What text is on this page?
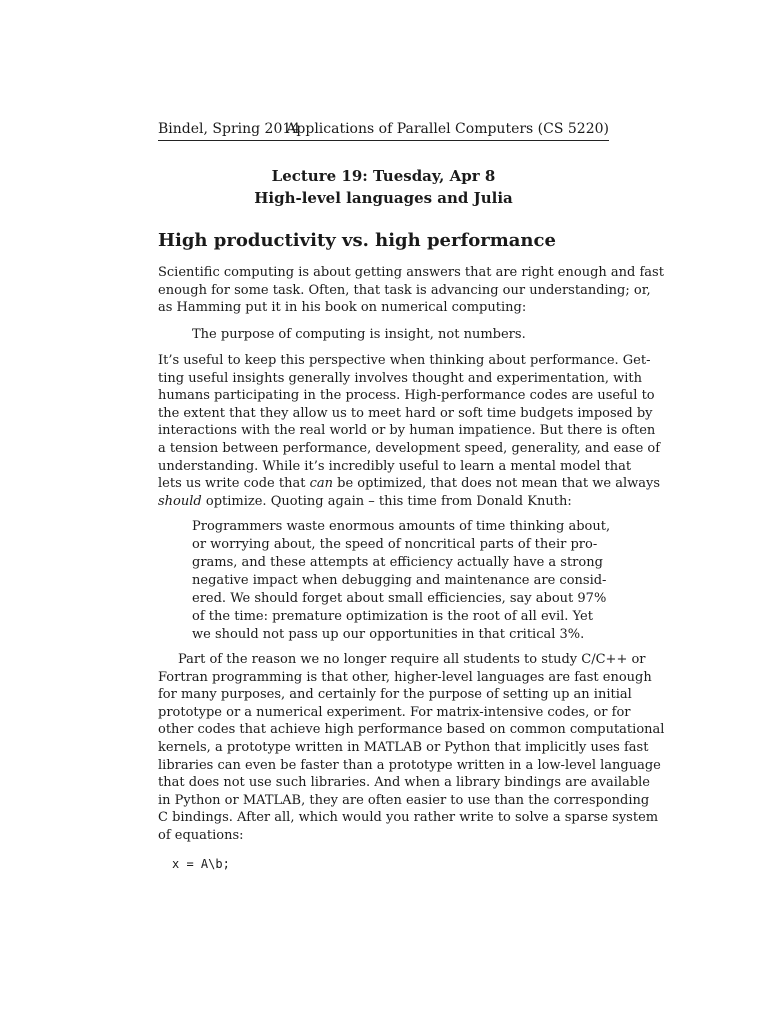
Bindel, Spring 2014
Applications of Parallel Computers (CS 5220)
Lecture 19: Tuesday, Apr 8
High-level languages and Julia
High productivity vs. high performance
Scientific computing is about getting answers that are right enough and fast
enough for some task. Often, that task is advancing our understanding; or,
as Hamming put it in his book on numerical computing:
The purpose of computing is insight, not numbers.
It’s useful to keep this perspective when thinking about performance. Get-
ting useful insights generally involves thought and experimentation, with
humans participating in the process. High-performance codes are useful to
the extent that they allow us to meet hard or soft time budgets imposed by
interactions with the real world or by human impatience. But there is often
a tension between performance, development speed, generality, and ease of
understanding. While it’s incredibly useful to learn a mental model that
lets us write code that can be optimized, that does not mean that we always
should optimize. Quoting again – this time from Donald Knuth:
Programmers waste enormous amounts of time thinking about,
or worrying about, the speed of noncritical parts of their pro-
grams, and these attempts at efficiency actually have a strong
negative impact when debugging and maintenance are consid-
ered. We should forget about small efficiencies, say about 97%
of the time: premature optimization is the root of all evil. Yet
we should not pass up our opportunities in that critical 3%.
Part of the reason we no longer require all students to study C/C++ or
Fortran programming is that other, higher-level languages are fast enough
for many purposes, and certainly for the purpose of setting up an initial
prototype or a numerical experiment. For matrix-intensive codes, or for
other codes that achieve high performance based on common computational
kernels, a prototype written in MATLAB or Python that implicitly uses fast
libraries can even be faster than a prototype written in a low-level language
that does not use such libraries. And when a library bindings are available
in Python or MATLAB, they are often easier to use than the corresponding
C bindings. After all, which would you rather write to solve a sparse system
of equations:
x = A\b;
